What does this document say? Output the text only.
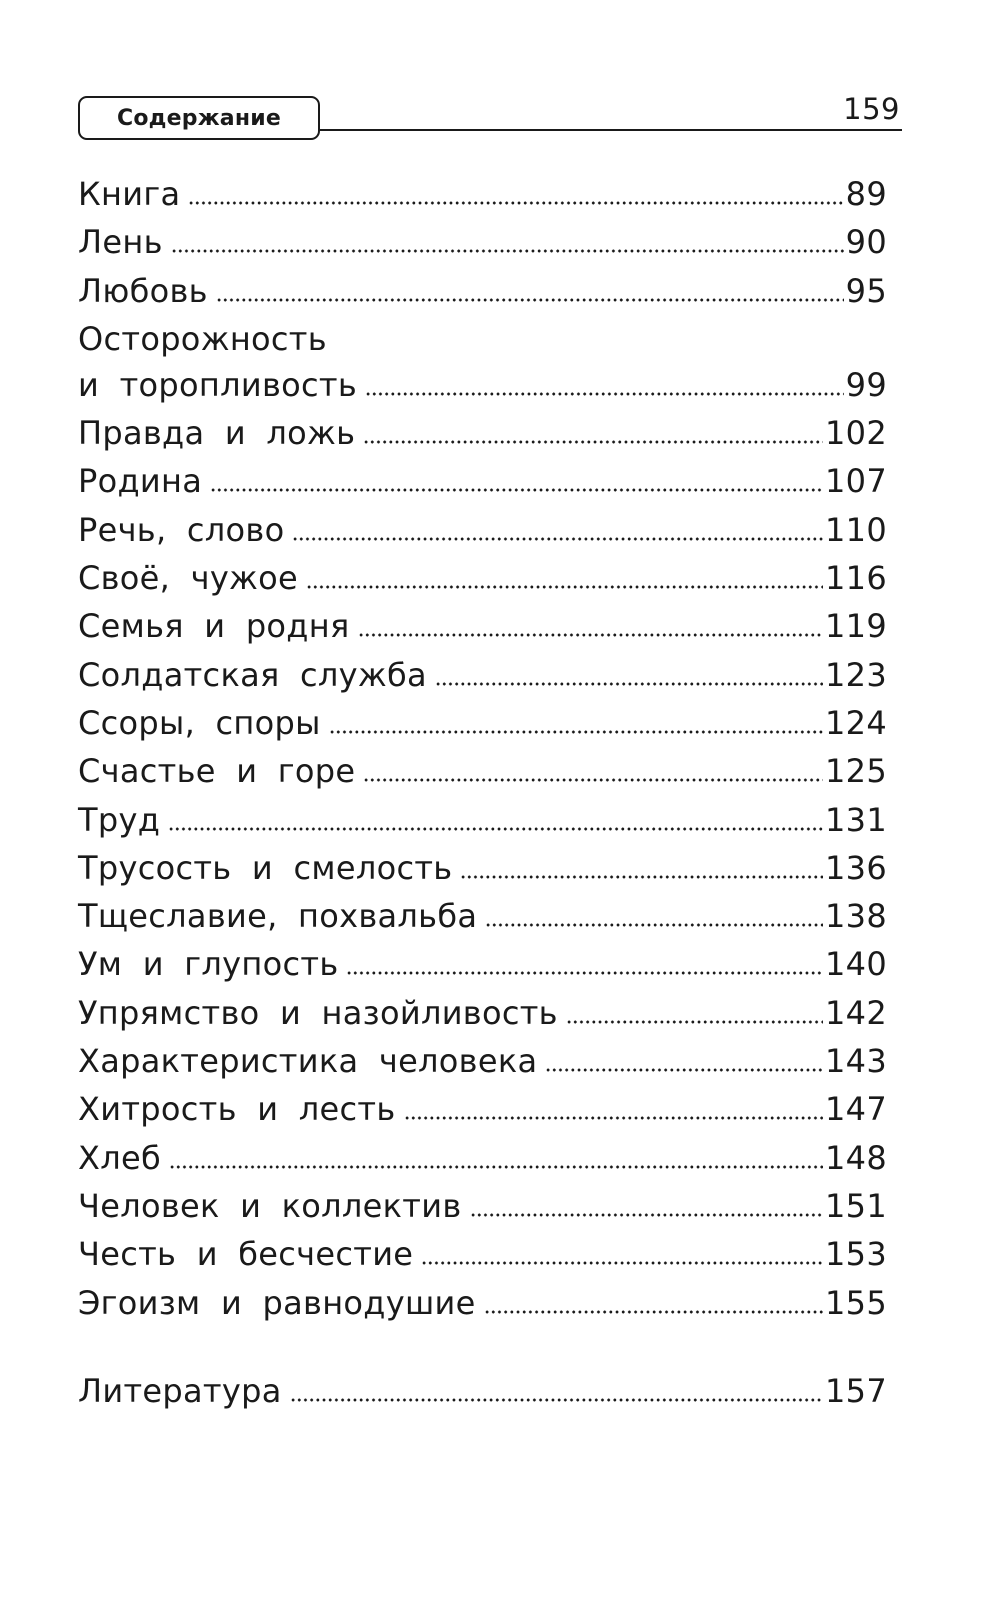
Содержание	159
Книга	89
Лень	90
Любовь	95
Осторожность
и торопливость	99
Правда и ложь	102
Родина	107
Речь, слово	110
Своё, чужое	116
Семья и родня	119
Солдатская служба	123
Ссоры, споры	124
Счастье и горе	125
Труд	131
Трусость и смелость	136
Тщеславие, похвальба	138
Ум и глупость	140
Упрямство и назойливость	142
Характеристика человека	143
Хитрость и лесть	147
Хлеб	148
Человек и коллектив	151
Честь и бесчестие	153
Эгоизм и равнодушие	155
Литература	157
